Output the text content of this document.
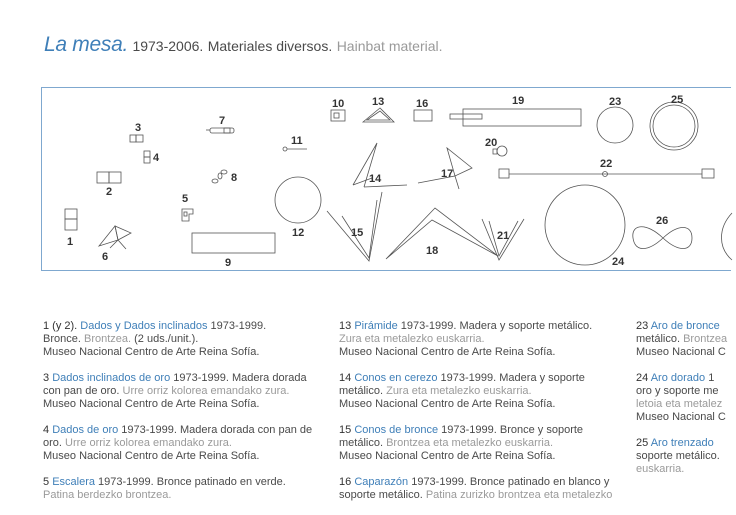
La mesa. 1973-2006. Materiales diversos. Hainbat material.
1
2
3
4
5
6
7
8
9
10
11
12
13
14
15
16
17
18
19
20
21
22
23
24
25
26
1 (y 2). Dados y Dados inclinados 1973-1999.
Bronce. Brontzea. (2 uds./unit.).
Museo Nacional Centro de Arte Reina Sofía.
3 Dados inclinados de oro 1973-1999. Madera dorada
con pan de oro. Urre orriz kolorea emandako zura.
Museo Nacional Centro de Arte Reina Sofía.
4 Dados de oro 1973-1999. Madera dorada con pan de
oro. Urre orriz kolorea emandako zura.
Museo Nacional Centro de Arte Reina Sofía.
5 Escalera 1973-1999. Bronce patinado en verde.
Patina berdezko brontzea.
13 Pirámide 1973-1999. Madera y soporte metálico.
Zura eta metalezko euskarria.
Museo Nacional Centro de Arte Reina Sofía.
14 Conos en cerezo 1973-1999. Madera y soporte
metálico. Zura eta metalezko euskarria.
Museo Nacional Centro de Arte Reina Sofía.
15 Conos de bronce 1973-1999. Bronce y soporte
metálico. Brontzea eta metalezko euskarria.
Museo Nacional Centro de Arte Reina Sofía.
16 Caparazón 1973-1999. Bronce patinado en blanco y
soporte metálico. Patina zurizko brontzea eta metalezko
23 Aro de bronce
metálico. Brontzea
Museo Nacional C
24 Aro dorado 1
oro y soporte me
letoia eta metalez
Museo Nacional C
25 Aro trenzado
soporte metálico.
euskarria.
